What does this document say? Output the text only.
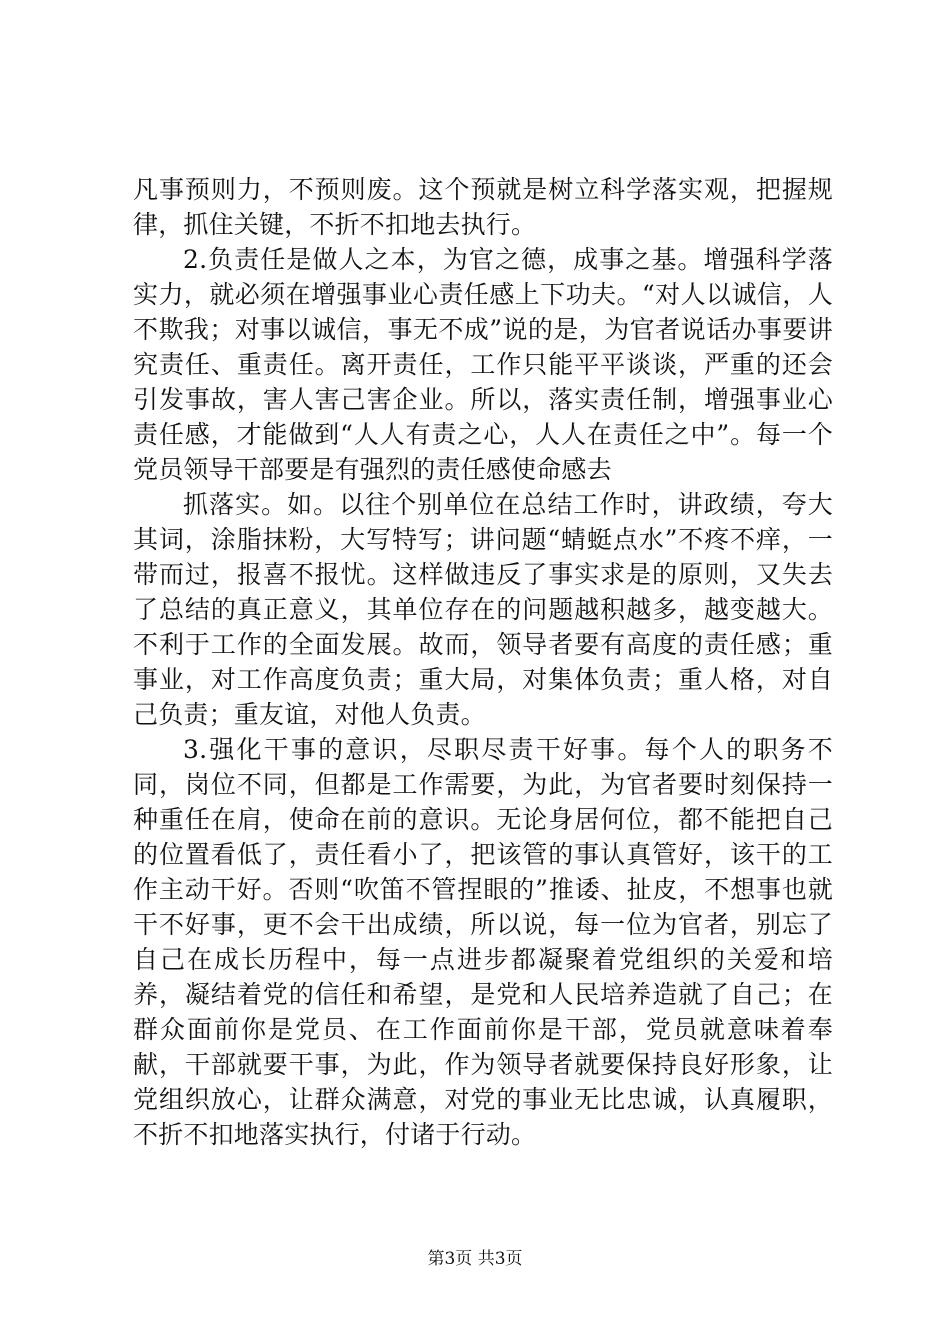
凡事预则力，不预则废。这个预就是树立科学落实观，把握规律，抓住关键，不折不扣地去执行。

2.负责任是做人之本，为官之德，成事之基。增强科学落实力，就必须在增强事业心责任感上下功夫。“对人以诚信，人不欺我；对事以诚信，事无不成”说的是，为官者说话办事要讲究责任、重责任。离开责任，工作只能平平谈谈，严重的还会引发事故，害人害己害企业。所以，落实责任制，增强事业心责任感，才能做到“人人有责之心，人人在责任之中”。每一个党员领导干部要是有强烈的责任感使命感去

抓落实。如。以往个别单位在总结工作时，讲政绩，夸大其词，涂脂抹粉，大写特写；讲问题“蜻蜓点水”不疼不痒，一带而过，报喜不报忧。这样做违反了事实求是的原则，又失去了总结的真正意义，其单位存在的问题越积越多，越变越大。不利于工作的全面发展。故而，领导者要有高度的责任感；重事业，对工作高度负责；重大局，对集体负责；重人格，对自己负责；重友谊，对他人负责。

3.强化干事的意识，尽职尽责干好事。每个人的职务不同，岗位不同，但都是工作需要，为此，为官者要时刻保持一种重任在肩，使命在前的意识。无论身居何位，都不能把自己的位置看低了，责任看小了，把该管的事认真管好，该干的工作主动干好。否则“吹笛不管捏眼的”推诿、扯皮，不想事也就干不好事，更不会干出成绩，所以说，每一位为官者，别忘了自己在成长历程中，每一点进步都凝聚着党组织的关爱和培养，凝结着党的信任和希望，是党和人民培养造就了自己；在群众面前你是党员、在工作面前你是干部，党员就意味着奉献，干部就要干事，为此，作为领导者就要保持良好形象，让党组织放心，让群众满意，对党的事业无比忠诚，认真履职，不折不扣地落实执行，付诸于行动。

第3页 共3页
